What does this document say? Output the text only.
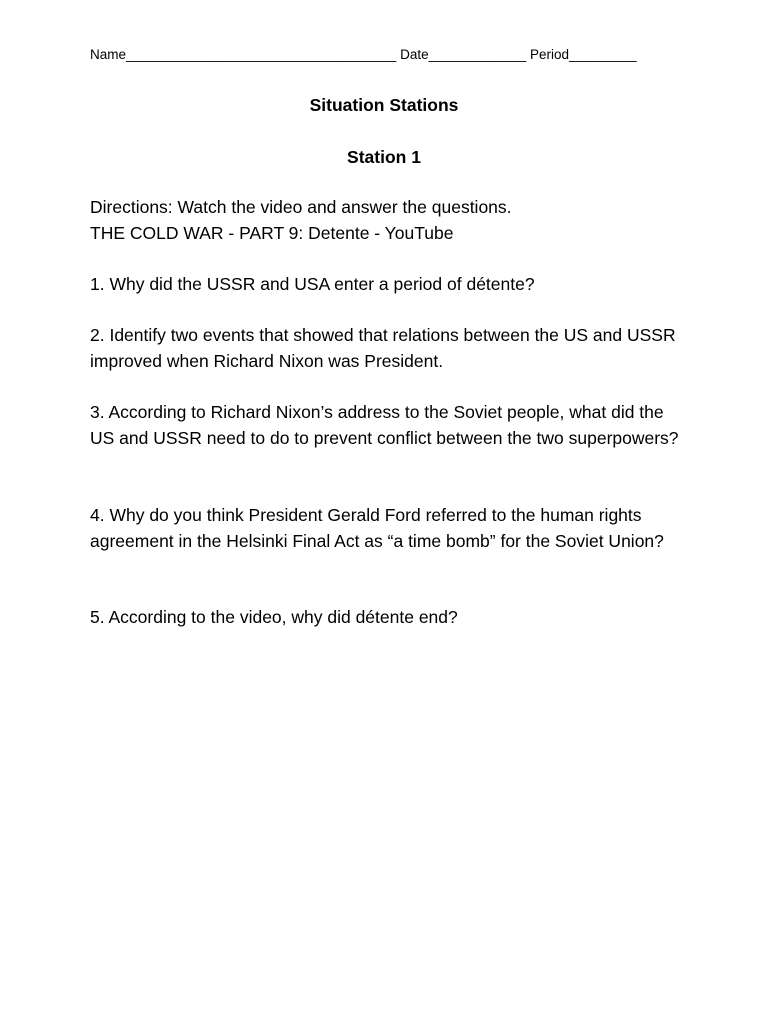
Name____________________________________ Date_____________ Period_________
Situation Stations
Station 1
Directions: Watch the video and answer the questions.
THE COLD WAR - PART 9: Detente - YouTube
1. Why did the USSR and USA enter a period of détente?
2. Identify two events that showed that relations between the US and USSR improved when Richard Nixon was President.
3. According to Richard Nixon’s address to the Soviet people, what did the US and USSR need to do to prevent conflict between the two superpowers?
4. Why do you think President Gerald Ford referred to the human rights agreement in the Helsinki Final Act as “a time bomb” for the Soviet Union?
5. According to the video, why did détente end?
